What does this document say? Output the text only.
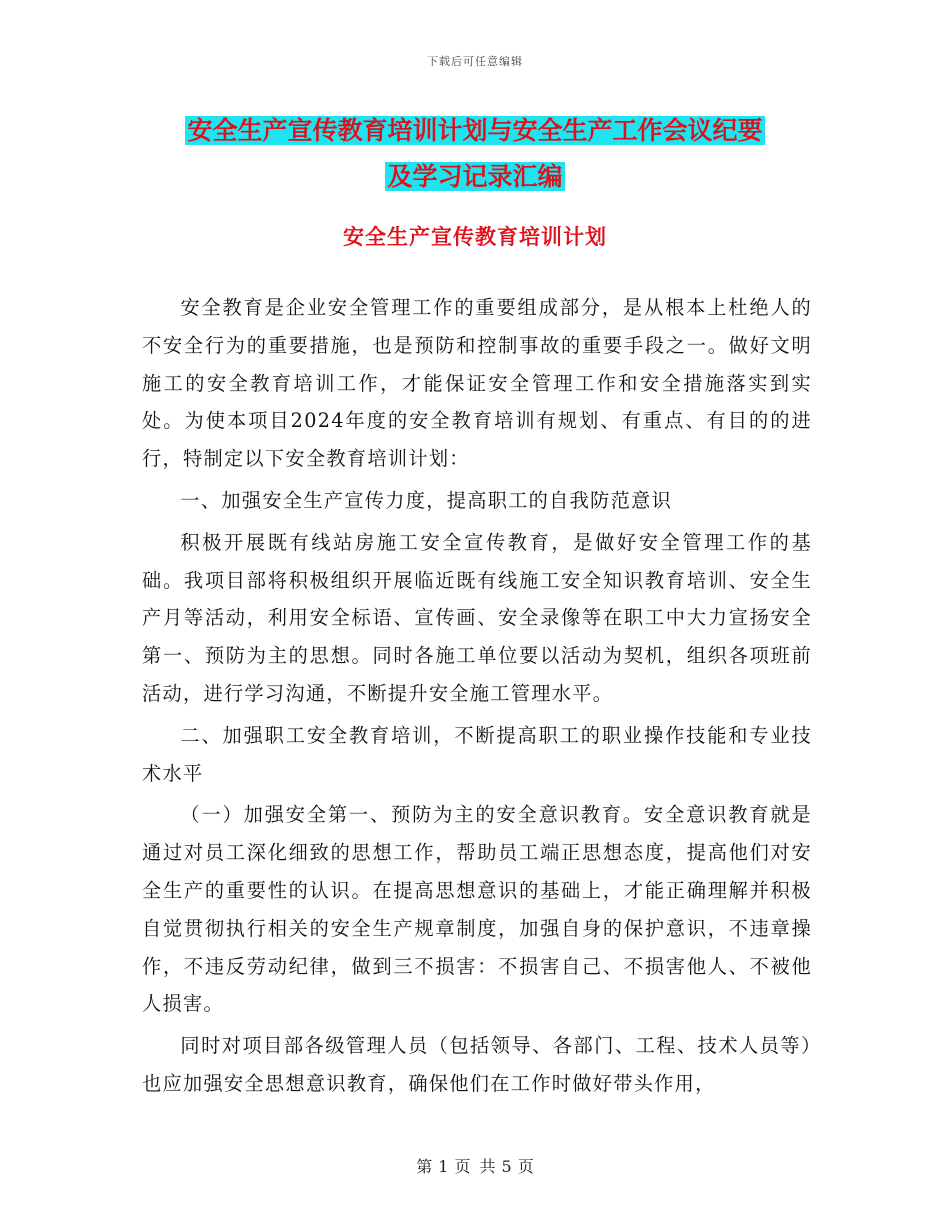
下载后可任意编辑
安全生产宣传教育培训计划与安全生产工作会议纪要
及学习记录汇编
安全生产宣传教育培训计划

安全教育是企业安全管理工作的重要组成部分，是从根本上杜绝人的不安全行为的重要措施，也是预防和控制事故的重要手段之一。做好文明施工的安全教育培训工作，才能保证安全管理工作和安全措施落实到实处。为使本项目2024年度的安全教育培训有规划、有重点、有目的的进行，特制定以下安全教育培训计划：

一、加强安全生产宣传力度，提高职工的自我防范意识

积极开展既有线站房施工安全宣传教育，是做好安全管理工作的基础。我项目部将积极组织开展临近既有线施工安全知识教育培训、安全生产月等活动，利用安全标语、宣传画、安全录像等在职工中大力宣扬安全第一、预防为主的思想。同时各施工单位要以活动为契机，组织各项班前活动，进行学习沟通，不断提升安全施工管理水平。

二、加强职工安全教育培训，不断提高职工的职业操作技能和专业技术水平

（一）加强安全第一、预防为主的安全意识教育。安全意识教育就是通过对员工深化细致的思想工作，帮助员工端正思想态度，提高他们对安全生产的重要性的认识。在提高思想意识的基础上，才能正确理解并积极自觉贯彻执行相关的安全生产规章制度，加强自身的保护意识，不违章操作，不违反劳动纪律，做到三不损害：不损害自己、不损害他人、不被他人损害。

同时对项目部各级管理人员（包括领导、各部门、工程、技术人员等）也应加强安全思想意识教育，确保他们在工作时做好带头作用，

第 1 页 共 5 页
